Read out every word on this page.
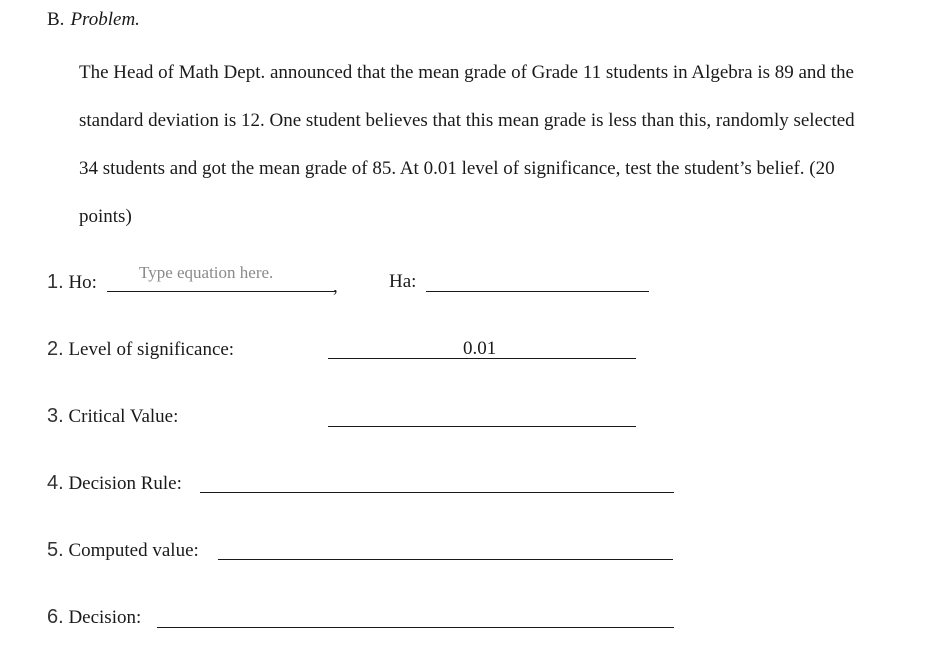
B. Problem.
The Head of Math Dept. announced that the mean grade of Grade 11 students in Algebra is 89 and the
standard deviation is 12. One student believes that this mean grade is less than this, randomly selected
34 students and got the mean grade of 85. At 0.01 level of significance, test the student’s belief. (20
points)
1. Ho: Type equation here.
,	Ha:
2. Level of significance:	0.01
3. Critical Value:
4. Decision Rule:
5. Computed value:
6. Decision:
